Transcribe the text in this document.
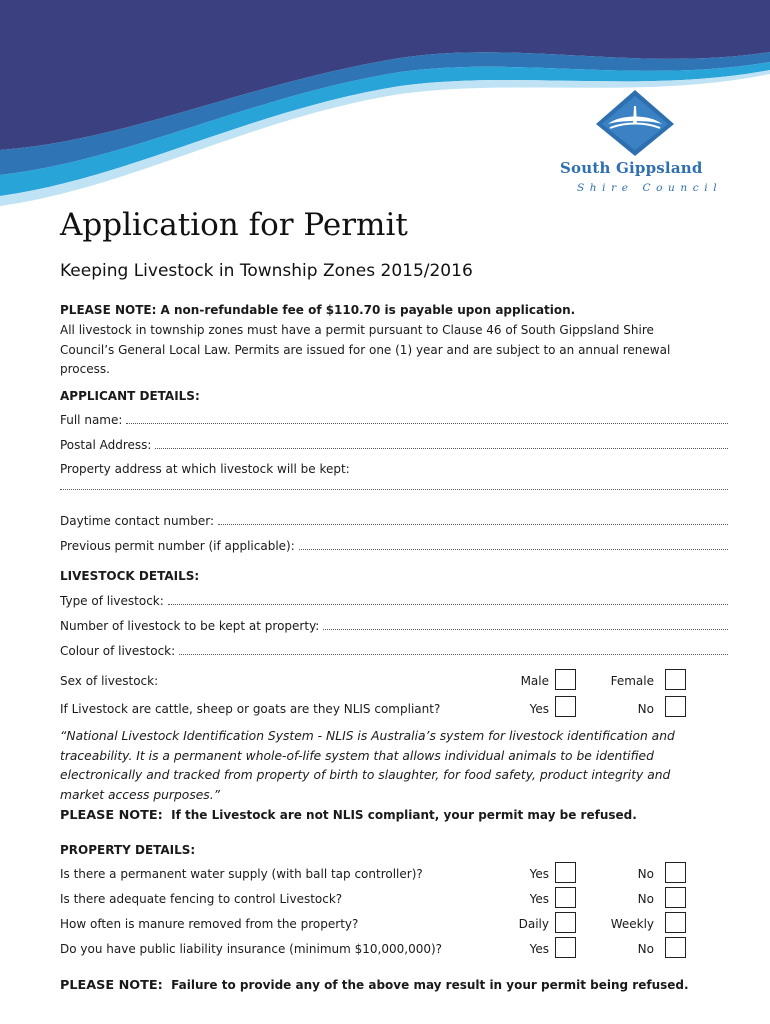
South Gippsland
Shire Council
Application for Permit
Keeping Livestock in Township Zones 2015/2016
PLEASE NOTE: A non-refundable fee of $110.70 is payable upon application.
All livestock in township zones must have a permit pursuant to Clause 46 of South Gippsland Shire Council’s General Local Law. Permits are issued for one (1) year and are subject to an annual renewal process.
APPLICANT DETAILS:
Full name:
Postal Address:
Property address at which livestock will be kept:
Daytime contact number:
Previous permit number (if applicable):
LIVESTOCK DETAILS:
Type of livestock:
Number of livestock to be kept at property:
Colour of livestock:
Sex of livestock:	Male	Female
If Livestock are cattle, sheep or goats are they NLIS compliant?	Yes	No
“National Livestock Identification System - NLIS is Australia’s system for livestock identification and traceability. It is a permanent whole-of-life system that allows individual animals to be identified electronically and tracked from property of birth to slaughter, for food safety, product integrity and market access purposes.”
PLEASE NOTE: If the Livestock are not NLIS compliant, your permit may be refused.
PROPERTY DETAILS:
Is there a permanent water supply (with ball tap controller)?	Yes	No
Is there adequate fencing to control Livestock?	Yes	No
How often is manure removed from the property?	Daily	Weekly
Do you have public liability insurance (minimum $10,000,000)?	Yes	No
PLEASE NOTE: Failure to provide any of the above may result in your permit being refused.
